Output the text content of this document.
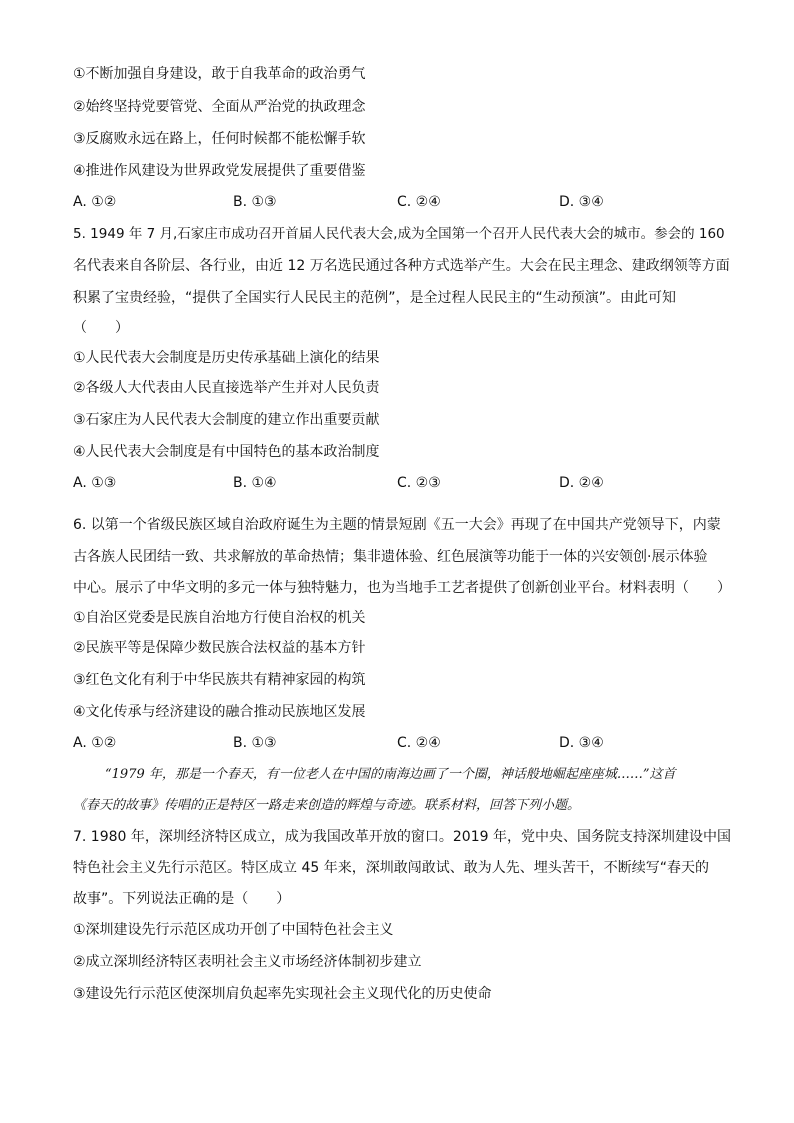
①不断加强自身建设，敢于自我革命的政治勇气
②始终坚持党要管党、全面从严治党的执政理念
③反腐败永远在路上，任何时候都不能松懈手软
④推进作风建设为世界政党发展提供了重要借鉴
A. ①②	B. ①③	C. ②④	D. ③④
5. 1949 年 7 月,石家庄市成功召开首届人民代表大会,成为全国第一个召开人民代表大会的城市。参会的 160
名代表来自各阶层、各行业，由近 12 万名选民通过各种方式选举产生。大会在民主理念、建政纲领等方面
积累了宝贵经验，“提供了全国实行人民民主的范例”，是全过程人民民主的“生动预演”。由此可知
（　　）
①人民代表大会制度是历史传承基础上演化的结果
②各级人大代表由人民直接选举产生并对人民负责
③石家庄为人民代表大会制度的建立作出重要贡献
④人民代表大会制度是有中国特色的基本政治制度
A. ①③	B. ①④	C. ②③	D. ②④
6. 以第一个省级民族区域自治政府诞生为主题的情景短剧《五一大会》再现了在中国共产党领导下，内蒙
古各族人民团结一致、共求解放的革命热情；集非遗体验、红色展演等功能于一体的兴安领创·展示体验
中心。展示了中华文明的多元一体与独特魅力，也为当地手工艺者提供了创新创业平台。材料表明（　　）
①自治区党委是民族自治地方行使自治权的机关
②民族平等是保障少数民族合法权益的基本方针
③红色文化有利于中华民族共有精神家园的构筑
④文化传承与经济建设的融合推动民族地区发展
A. ①②	B. ①③	C. ②④	D. ③④
“1979 年，那是一个春天，有一位老人在中国的南海边画了一个圈，神话般地崛起座座城……”这首
《春天的故事》传唱的正是特区一路走来创造的辉煌与奇迹。联系材料，回答下列小题。
7. 1980 年，深圳经济特区成立，成为我国改革开放的窗口。2019 年，党中央、国务院支持深圳建设中国
特色社会主义先行示范区。特区成立 45 年来，深圳敢闯敢试、敢为人先、埋头苦干，不断续写“春天的
故事”。下列说法正确的是（　　）
①深圳建设先行示范区成功开创了中国特色社会主义
②成立深圳经济特区表明社会主义市场经济体制初步建立
③建设先行示范区使深圳肩负起率先实现社会主义现代化的历史使命
